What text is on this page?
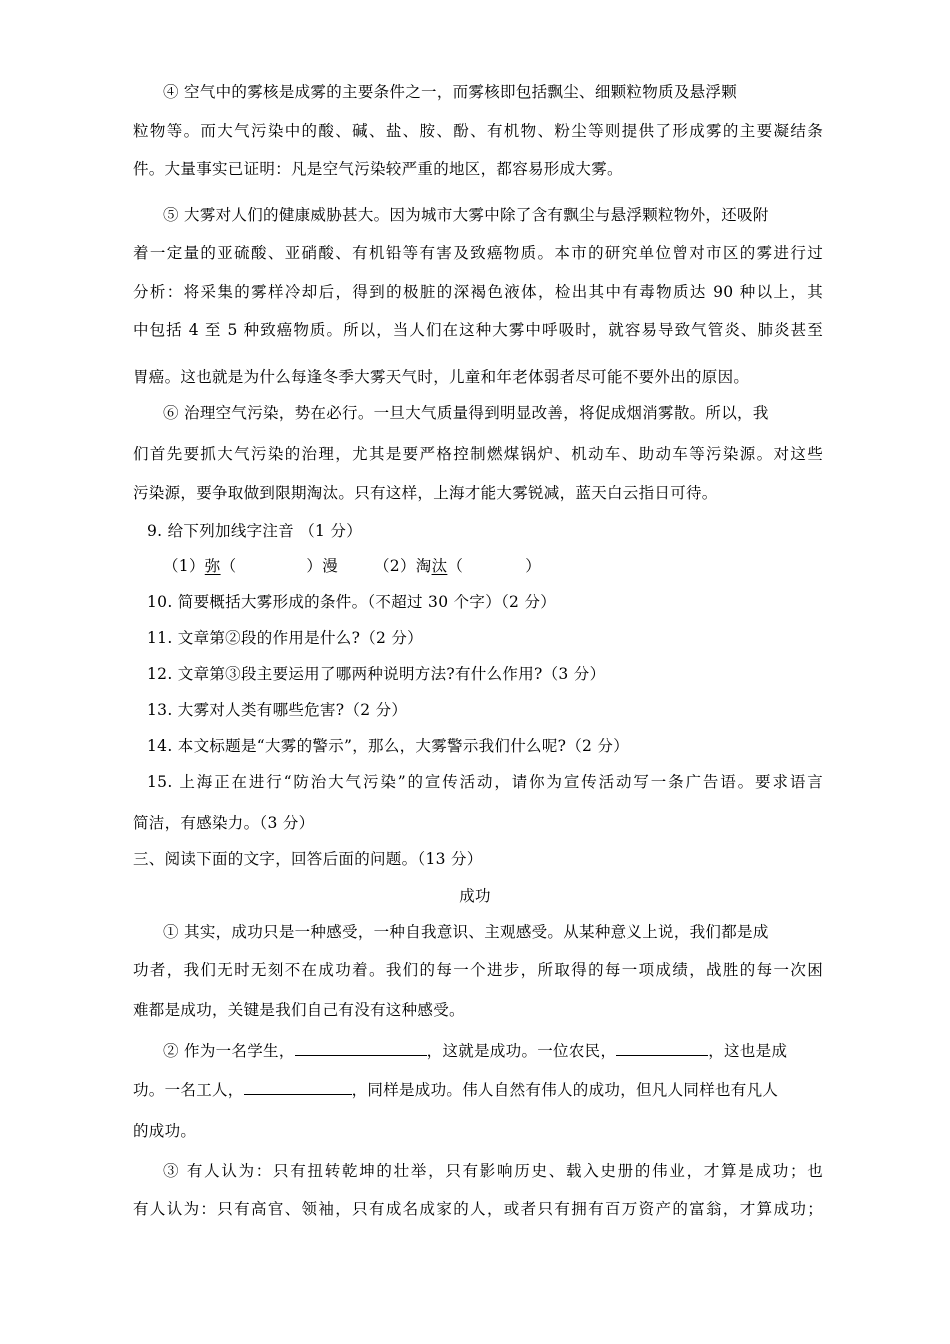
④ 空气中的雾核是成雾的主要条件之一，而雾核即包括飘尘、细颗粒物质及悬浮颗
粒物等。而大气污染中的酸、碱、盐、胺、酚、有机物、粉尘等则提供了形成雾的主要凝结条
件。大量事实已证明：凡是空气污染较严重的地区，都容易形成大雾。
⑤ 大雾对人们的健康威胁甚大。因为城市大雾中除了含有飘尘与悬浮颗粒物外，还吸附
着一定量的亚硫酸、亚硝酸、有机铅等有害及致癌物质。本市的研究单位曾对市区的雾进行过
分析：将采集的雾样冷却后，得到的极脏的深褐色液体，检出其中有毒物质达 90 种以上，其
中包括 4 至 5 种致癌物质。所以，当人们在这种大雾中呼吸时，就容易导致气管炎、肺炎甚至
胃癌。这也就是为什么每逢冬季大雾天气时，儿童和年老体弱者尽可能不要外出的原因。
⑥ 治理空气污染，势在必行。一旦大气质量得到明显改善，将促成烟消雾散。所以，我
们首先要抓大气污染的治理，尤其是要严格控制燃煤锅炉、机动车、助动车等污染源。对这些
污染源，要争取做到限期淘汰。只有这样，上海才能大雾锐减，蓝天白云指日可待。
9. 给下列加线字注音 （1 分）
（1）弥（	）漫 （2）淘汰（	）
10. 简要概括大雾形成的条件。（不超过 30 个字）（2 分）
11. 文章第②段的作用是什么?（2 分）
12. 文章第③段主要运用了哪两种说明方法?有什么作用?（3 分）
13. 大雾对人类有哪些危害?（2 分）
14. 本文标题是“大雾的警示”，那么，大雾警示我们什么呢?（2 分）
15. 上海正在进行“防治大气污染”的宣传活动，请你为宣传活动写一条广告语。要求语言
简洁，有感染力。（3 分）
三、阅读下面的文字，回答后面的问题。（13 分）
成功
① 其实，成功只是一种感受，一种自我意识、主观感受。从某种意义上说，我们都是成
功者，我们无时无刻不在成功着。我们的每一个进步，所取得的每一项成绩，战胜的每一次困
难都是成功，关键是我们自己有没有这种感受。
② 作为一名学生，	，这就是成功。一位农民，	，这也是成
功。一名工人，	，同样是成功。伟人自然有伟人的成功，但凡人同样也有凡人
的成功。
③ 有人认为：只有扭转乾坤的壮举，只有影响历史、载入史册的伟业，才算是成功；也
有人认为：只有高官、领袖，只有成名成家的人，或者只有拥有百万资产的富翁，才算成功；
